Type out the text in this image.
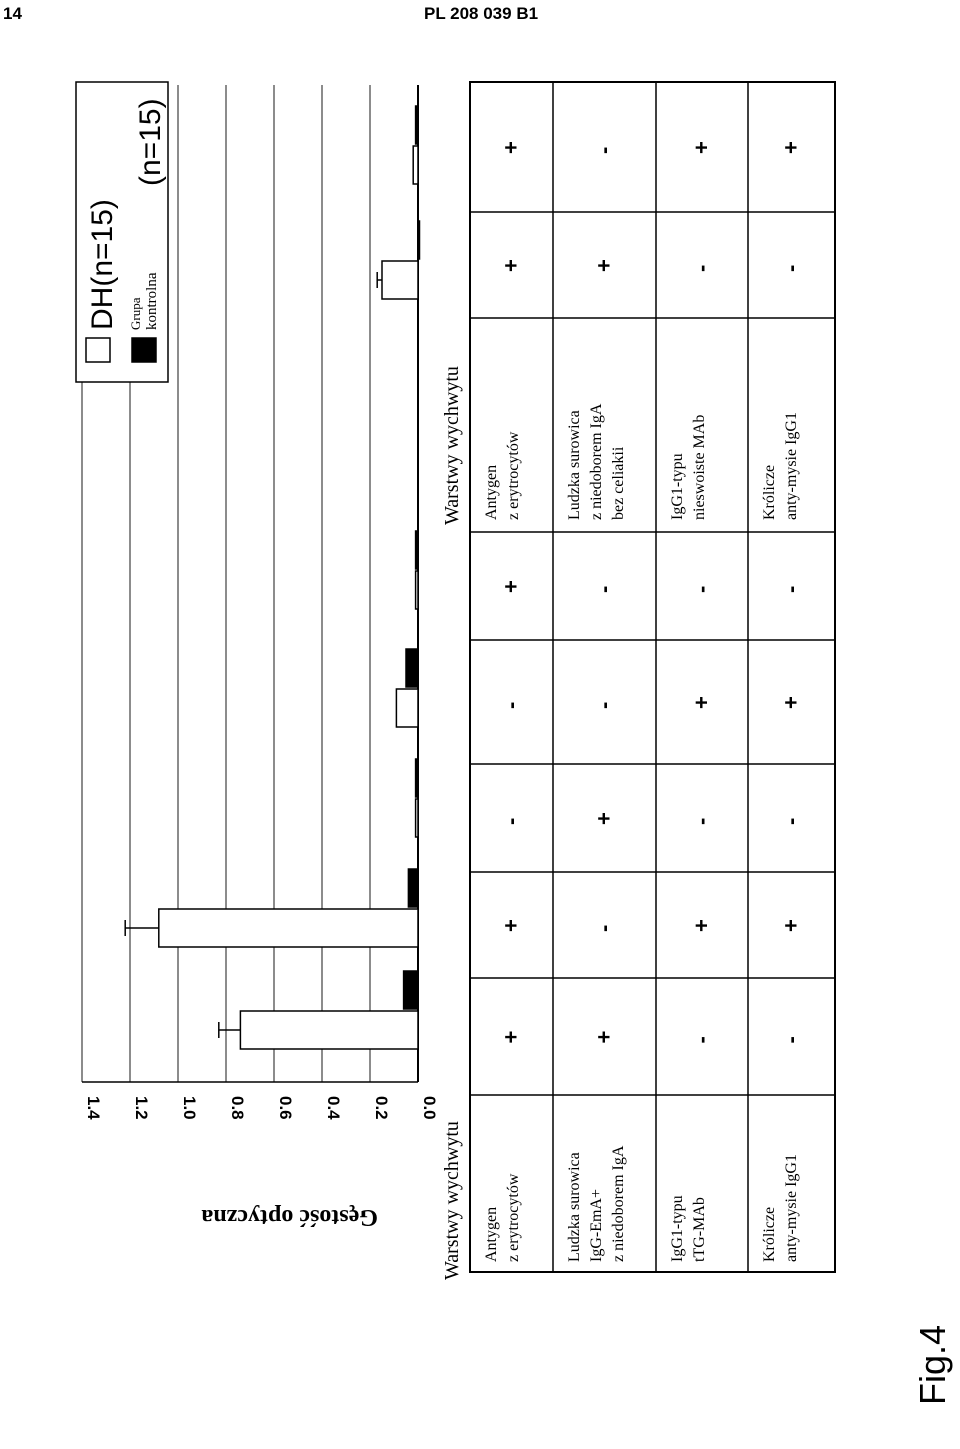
14	PL 208 039 B1
0.0
0.2
0.4
0.6
0.8
1.0
1.2
1.4
Gęstość optyczna
DH(n=15) Grupa kontrolna
(n=15)
Warstwy wychwytu
Warstwy wychwytu
Antygen z erytrocytów
Antygen z erytrocytów
Ludzka surowica IgG-EmA+ z niedoborem IgA
Ludzka surowica z niedoborem IgA bez celiakii
IgG1-typu tTG-MAb
IgG1-typu nieswoiste MAb
Króliczе anty-mysie IgG1
Królicze anty-mysie IgG1
+
+
-
-
+
+
+
+
-
+
-
-
+
-
-
+
-
+
-
-
+
-
+
-
+
-
-
+
Fig.4
